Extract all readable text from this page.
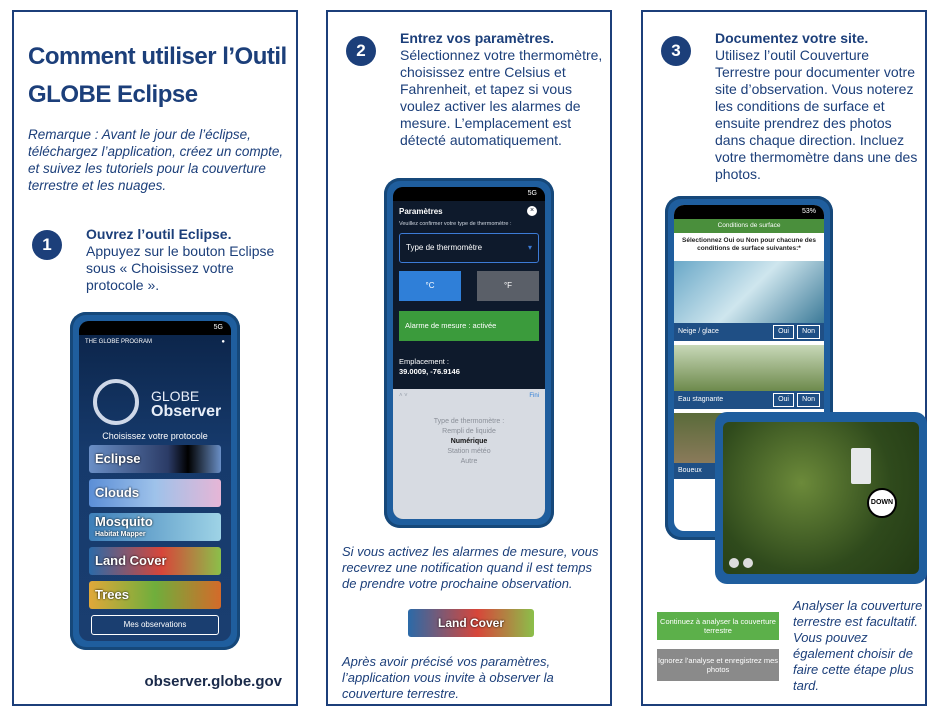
Comment utiliser l’Outil
GLOBE Eclipse
Remarque : Avant le jour de l’éclipse, téléchargez l’application, créez un compte, et suivez les tutoriels pour la couverture terrestre et les nuages.
1
Ouvrez l’outil Eclipse.
Appuyez sur le bouton Eclipse sous « Choisissez votre protocole ».
5G
THE GLOBE PROGRAM	●
GLOBE
Observer
Choisissez votre protocole
Eclipse
Clouds
Mosquito
Habitat Mapper
Land Cover
Trees
Mes observations
observer.globe.gov
2
Entrez vos paramètres.
Sélectionnez votre thermomètre, choisissez entre Celsius et Fahrenheit, et tapez si vous voulez activer les alarmes de mesure. L’emplacement est détecté automatiquement.
5G
Paramètres	×
Veuillez confirmer votre type de thermomètre :
Type de thermomètre	▾
°C	°F
Alarme de mesure : activée
Emplacement :
39.0009, -76.9146
˄ ˅	Fini
Type de thermomètre :
Rempli de liquide
Numérique
Station météo
Autre
Si vous activez les alarmes de mesure, vous recevrez une notification quand il est temps de prendre votre prochaine observation.
Land Cover
Après avoir précisé vos paramètres, l’application vous invite à observer la couverture terrestre.
3
Documentez votre site.
Utilisez l’outil Couverture Terrestre pour documenter votre site d’observation. Vous noterez les conditions de surface et ensuite prendrez des photos dans chaque direction. Incluez votre thermomètre dans une des photos.
53%
Conditions de surface
Sélectionnez Oui ou Non pour chacune des conditions de surface suivantes:*
Neige / glace	Oui	Non
Eau stagnante	Oui	Non
Boueux
DOWN
Continuez à analyser la couverture terrestre
Ignorez l’analyse et enregistrez mes photos
Analyser la couverture terrestre est facultatif. Vous pouvez également choisir de faire cette étape plus tard.
